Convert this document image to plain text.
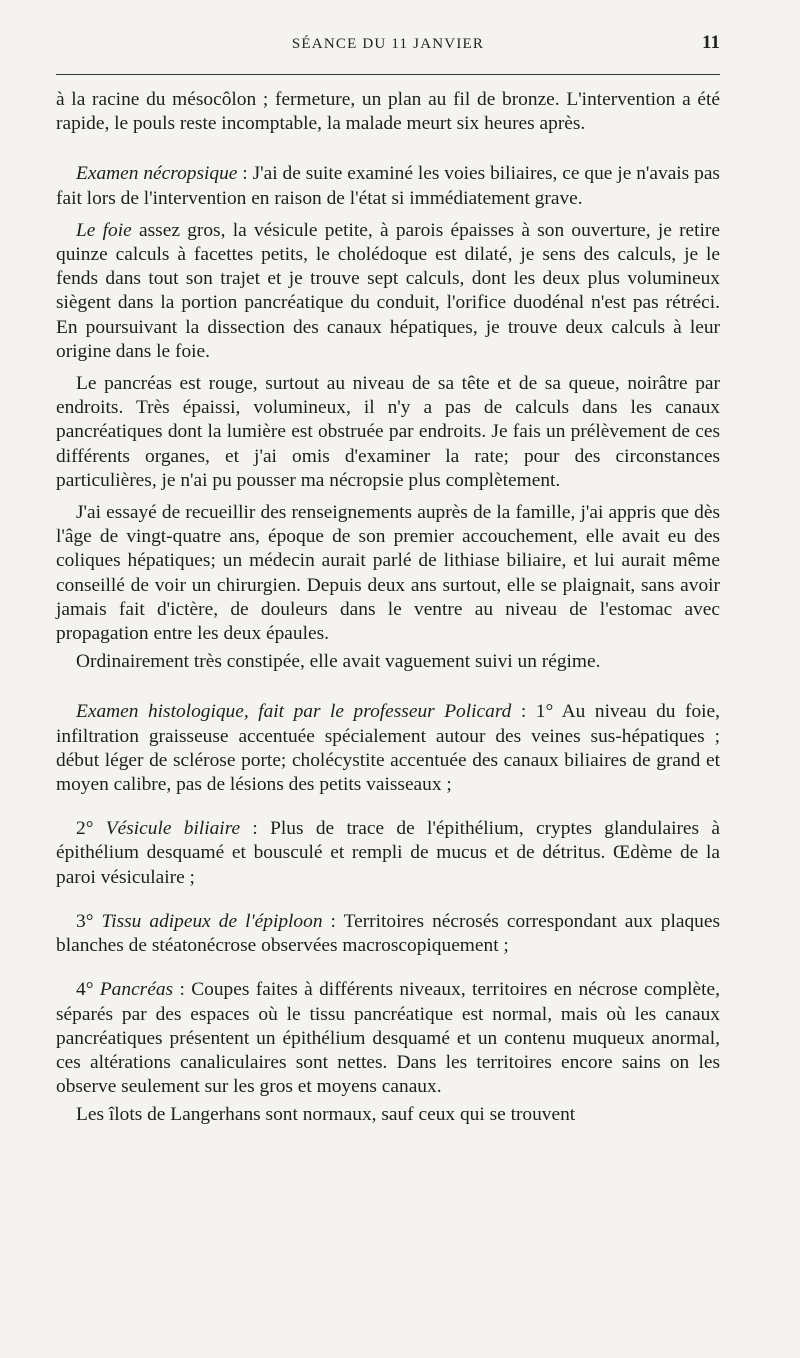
SÉANCE DU 11 JANVIER	11

à la racine du mésocôlon ; fermeture, un plan au fil de bronze. L'intervention a été rapide, le pouls reste incomptable, la malade meurt six heures après.

Examen nécropsique : J'ai de suite examiné les voies biliaires, ce que je n'avais pas fait lors de l'intervention en raison de l'état si immédiatement grave.

Le foie assez gros, la vésicule petite, à parois épaisses à son ouverture, je retire quinze calculs à facettes petits, le cholédoque est dilaté, je sens des calculs, je le fends dans tout son trajet et je trouve sept calculs, dont les deux plus volumineux siègent dans la portion pancréatique du conduit, l'orifice duodénal n'est pas rétréci. En poursuivant la dissection des canaux hépatiques, je trouve deux calculs à leur origine dans le foie.

Le pancréas est rouge, surtout au niveau de sa tête et de sa queue, noirâtre par endroits. Très épaissi, volumineux, il n'y a pas de calculs dans les canaux pancréatiques dont la lumière est obstruée par endroits. Je fais un prélèvement de ces différents organes, et j'ai omis d'examiner la rate; pour des circonstances particulières, je n'ai pu pousser ma nécropsie plus complètement.

J'ai essayé de recueillir des renseignements auprès de la famille, j'ai appris que dès l'âge de vingt-quatre ans, époque de son premier accouchement, elle avait eu des coliques hépatiques; un médecin aurait parlé de lithiase biliaire, et lui aurait même conseillé de voir un chirurgien. Depuis deux ans surtout, elle se plaignait, sans avoir jamais fait d'ictère, de douleurs dans le ventre au niveau de l'estomac avec propagation entre les deux épaules.

Ordinairement très constipée, elle avait vaguement suivi un régime.

Examen histologique, fait par le professeur Policard : 1° Au niveau du foie, infiltration graisseuse accentuée spécialement autour des veines sus-hépatiques ; début léger de sclérose porte; cholécystite accentuée des canaux biliaires de grand et moyen calibre, pas de lésions des petits vaisseaux ;

2° Vésicule biliaire : Plus de trace de l'épithélium, cryptes glandulaires à épithélium desquamé et bousculé et rempli de mucus et de détritus. Œdème de la paroi vésiculaire ;

3° Tissu adipeux de l'épiploon : Territoires nécrosés correspondant aux plaques blanches de stéatonécrose observées macroscopiquement ;

4° Pancréas : Coupes faites à différents niveaux, territoires en nécrose complète, séparés par des espaces où le tissu pancréatique est normal, mais où les canaux pancréatiques présentent un épithélium desquamé et un contenu muqueux anormal, ces altérations canaliculaires sont nettes. Dans les territoires encore sains on les observe seulement sur les gros et moyens canaux.

Les îlots de Langerhans sont normaux, sauf ceux qui se trouvent
